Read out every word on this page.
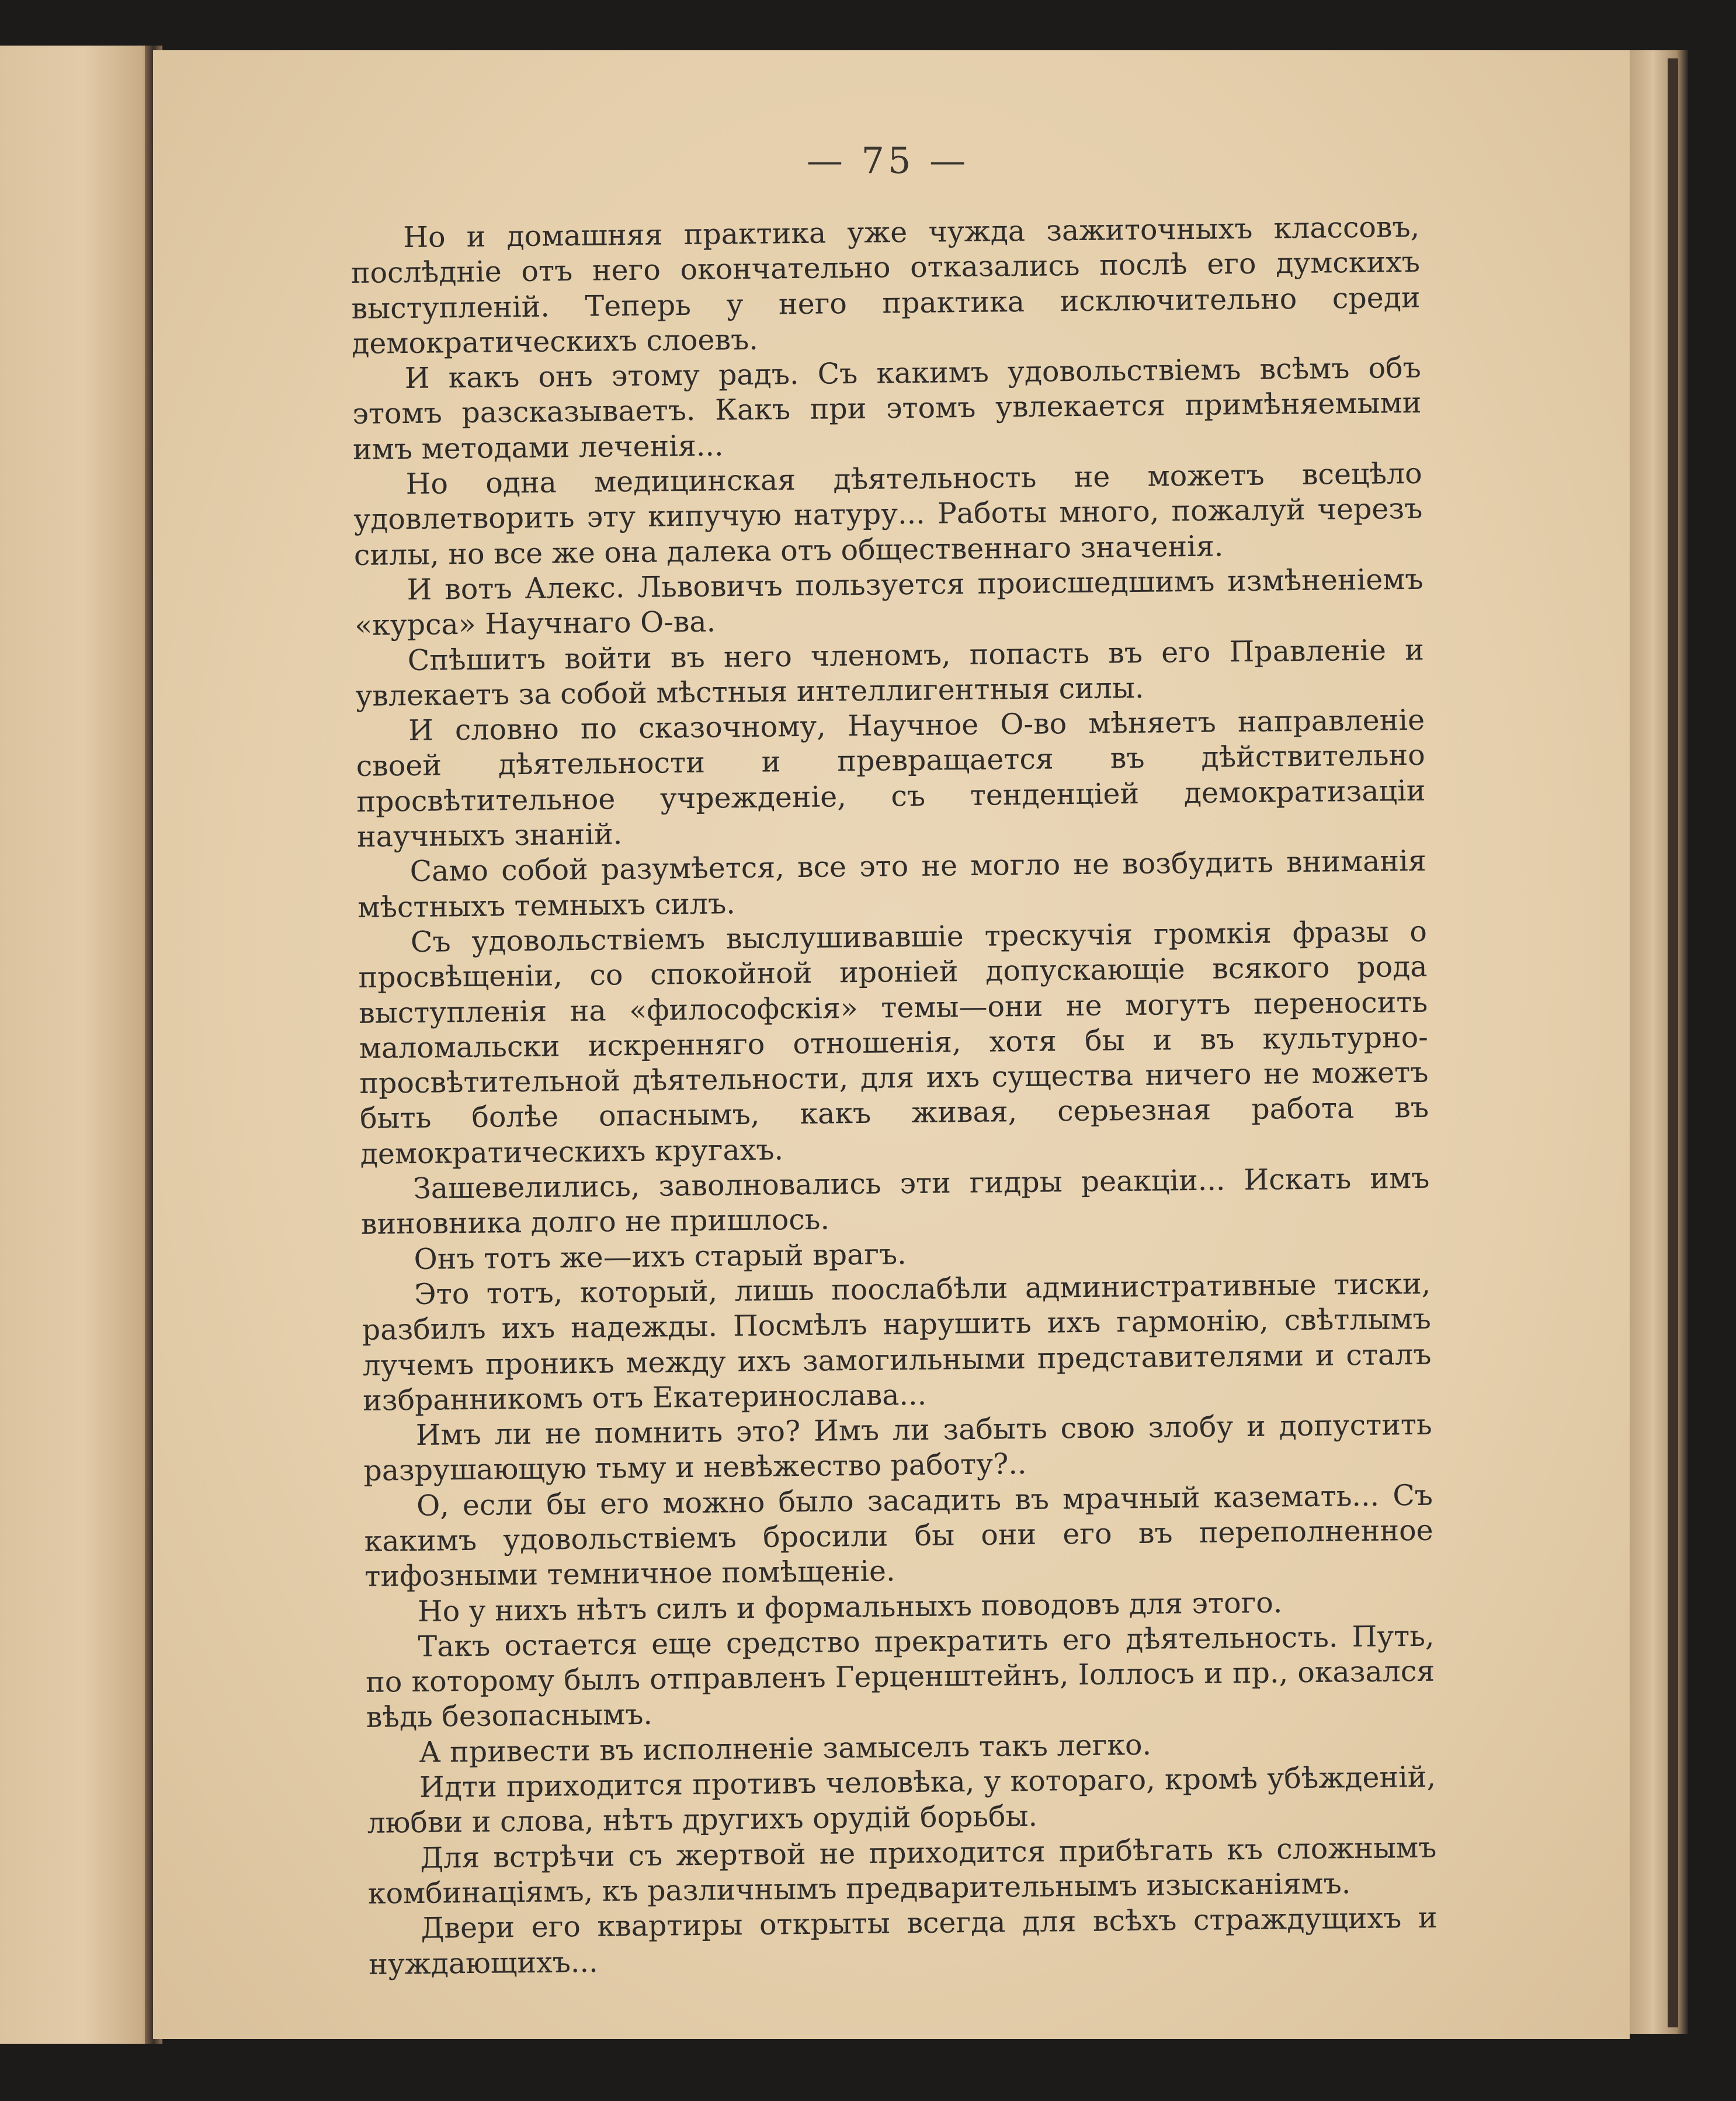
— 75 —

Но и домашняя практика уже чужда зажиточныхъ классовъ, послѣдніе отъ него окончательно отказались послѣ его думскихъ выступленій. Теперь у него практика исключительно среди демократическихъ слоевъ.

И какъ онъ этому радъ. Съ какимъ удовольствіемъ всѣмъ объ этомъ разсказываетъ. Какъ при этомъ увлекается примѣняемыми имъ методами леченія...

Но одна медицинская дѣятельность не можетъ всецѣло удовлетворить эту кипучую натуру... Работы много, пожалуй черезъ силы, но все же она далека отъ общественнаго значенія.

И вотъ Алекс. Львовичъ пользуется происшедшимъ измѣненіемъ «курса» Научнаго О-ва.

Спѣшитъ войти въ него членомъ, попасть въ его Правленіе и увлекаетъ за собой мѣстныя интеллигентныя силы.

И словно по сказочному, Научное О-во мѣняетъ направленіе своей дѣятельности и превращается въ дѣйствительно просвѣтительное учрежденіе, съ тенденціей демократизаціи научныхъ знаній.

Само собой разумѣется, все это не могло не возбудить вниманія мѣстныхъ темныхъ силъ.

Съ удовольствіемъ выслушивавшіе трескучія громкія фразы о просвѣщеніи, со спокойной ироніей допускающіе всякого рода выступленія на «философскія» темы—они не могутъ переносить маломальски искренняго отношенія, хотя бы и въ культурно-просвѣтительной дѣятельности, для ихъ существа ничего не можетъ быть болѣе опаснымъ, какъ живая, серьезная работа въ демократическихъ кругахъ.

Зашевелились, заволновались эти гидры реакціи... Искать имъ виновника долго не пришлось.

Онъ тотъ же—ихъ старый врагъ.

Это тотъ, который, лишь пооcлабѣли административные тиски, разбилъ ихъ надежды. Посмѣлъ нарушить ихъ гармонію, свѣтлымъ лучемъ проникъ между ихъ замогильными представителями и сталъ избранникомъ отъ Екатеринослава...

Имъ ли не помнить это? Имъ ли забыть свою злобу и допустить разрушающую тьму и невѣжество работу?..

О, если бы его можно было засадить въ мрачный каземать... Съ какимъ удовольствіемъ бросили бы они его въ переполненное тифозными темничное помѣщеніе.

Но у нихъ нѣтъ силъ и формальныхъ поводовъ для этого.

Такъ остается еще средство прекратить его дѣятельность. Путь, по которому былъ отправленъ Герценштейнъ, Іоллосъ и пр., оказался вѣдь безопаснымъ.

А привести въ исполненіе замыселъ такъ легко.

Идти приходится противъ человѣка, у котораго, кромѣ убѣжденій, любви и слова, нѣтъ другихъ орудій борьбы.

Для встрѣчи съ жертвой не приходится прибѣгать къ сложнымъ комбинаціямъ, къ различнымъ предварительнымъ изысканіямъ.

Двери его квартиры открыты всегда для всѣхъ страждущихъ и нуждающихъ...
